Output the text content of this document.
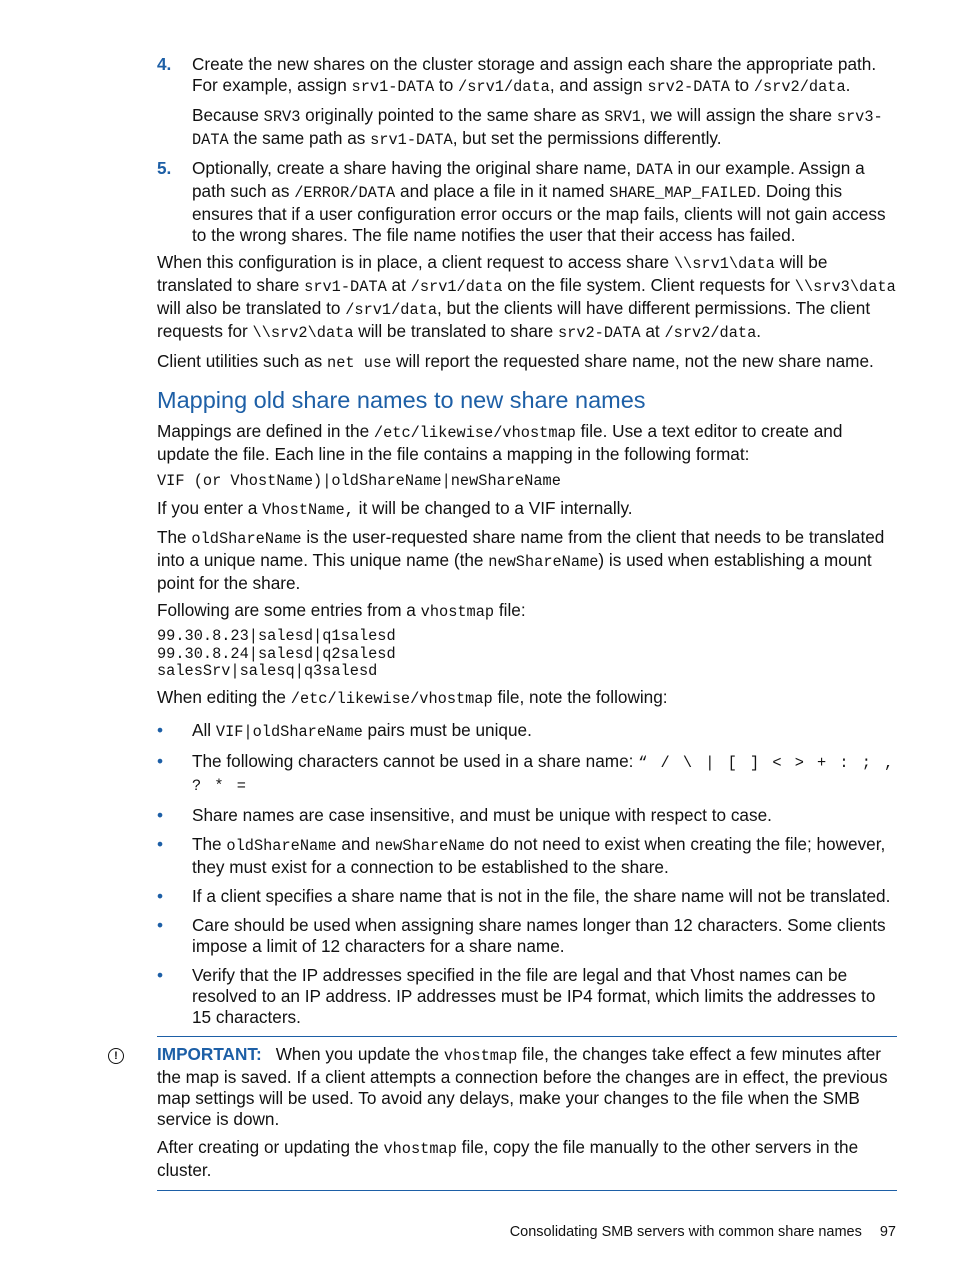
4. Create the new shares on the cluster storage and assign each share the appropriate path. For example, assign srv1-DATA to /srv1/data, and assign srv2-DATA to /srv2/data.

Because SRV3 originally pointed to the same share as SRV1, we will assign the share srv3-DATA the same path as srv1-DATA, but set the permissions differently.

5. Optionally, create a share having the original share name, DATA in our example. Assign a path such as /ERROR/DATA and place a file in it named SHARE_MAP_FAILED. Doing this ensures that if a user configuration error occurs or the map fails, clients will not gain access to the wrong shares. The file name notifies the user that their access has failed.

When this configuration is in place, a client request to access share \\srv1\data will be translated to share srv1-DATA at /srv1/data on the file system. Client requests for \\srv3\data will also be translated to /srv1/data, but the clients will have different permissions. The client requests for \\srv2\data will be translated to share srv2-DATA at /srv2/data.

Client utilities such as net use will report the requested share name, not the new share name.

Mapping old share names to new share names

Mappings are defined in the /etc/likewise/vhostmap file. Use a text editor to create and update the file. Each line in the file contains a mapping in the following format:

VIF (or VhostName)|oldShareName|newShareName

If you enter a VhostName, it will be changed to a VIF internally.

The oldShareName is the user-requested share name from the client that needs to be translated into a unique name. This unique name (the newShareName) is used when establishing a mount point for the share.

Following are some entries from a vhostmap file:

99.30.8.23|salesd|q1salesd
99.30.8.24|salesd|q2salesd
salesSrv|salesq|q3salesd

When editing the /etc/likewise/vhostmap file, note the following:

• All VIF|oldShareName pairs must be unique.
• The following characters cannot be used in a share name: “ / \ | [ ] < > + : ; , ? * =
• Share names are case insensitive, and must be unique with respect to case.
• The oldShareName and newShareName do not need to exist when creating the file; however, they must exist for a connection to be established to the share.
• If a client specifies a share name that is not in the file, the share name will not be translated.
• Care should be used when assigning share names longer than 12 characters. Some clients impose a limit of 12 characters for a share name.
• Verify that the IP addresses specified in the file are legal and that Vhost names can be resolved to an IP address. IP addresses must be IP4 format, which limits the addresses to 15 characters.
!	IMPORTANT: When you update the vhostmap file, the changes take effect a few minutes after the map is saved. If a client attempts a connection before the changes are in effect, the previous map settings will be used. To avoid any delays, make your changes to the file when the SMB service is down.

After creating or updating the vhostmap file, copy the file manually to the other servers in the cluster.

Consolidating SMB servers with common share names 97
